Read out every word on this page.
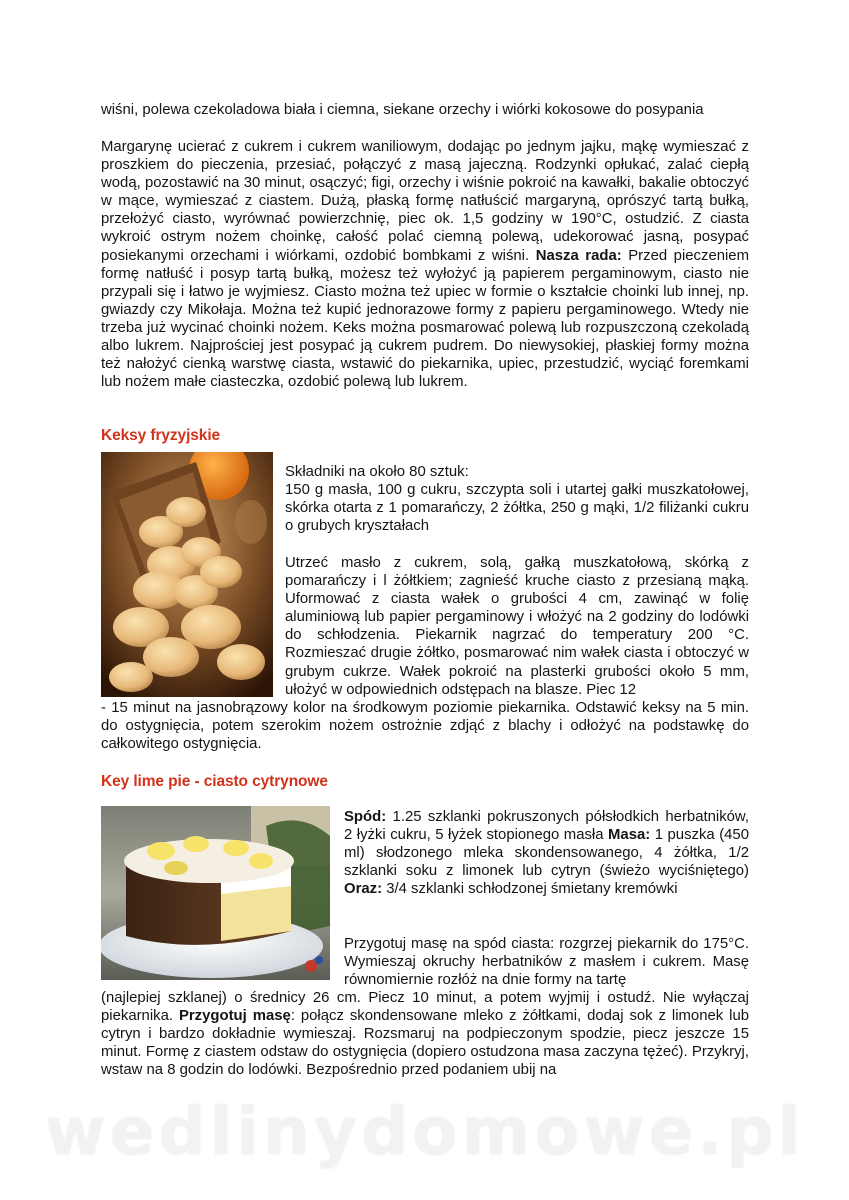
wiśni, polewa czekoladowa biała i ciemna, siekane orzechy i wiórki kokosowe do posypania

Margarynę ucierać z cukrem i cukrem waniliowym, dodając po jednym jajku, mąkę wymieszać z proszkiem do pieczenia, przesiać, połączyć z masą jajeczną. Rodzynki opłukać, zalać ciepłą wodą, pozostawić na 30 minut, osączyć; figi, orzechy i wiśnie pokroić na kawałki, bakalie obtoczyć w mące, wymieszać z ciastem. Dużą, płaską formę natłuścić margaryną, oprószyć tartą bułką, przełożyć ciasto, wyrównać powierzchnię, piec ok. 1,5 godziny w 190°C, ostudzić. Z ciasta wykroić ostrym nożem choinkę, całość polać ciemną polewą, udekorować jasną, posypać posiekanymi orzechami i wiórkami, ozdobić bombkami z wiśni. Nasza rada: Przed pieczeniem formę natłuść i posyp tartą bułką, możesz też wyłożyć ją papierem pergaminowym, ciasto nie przypali się i łatwo je wyjmiesz. Ciasto można też upiec w formie o kształcie choinki lub innej, np. gwiazdy czy Mikołaja. Można też kupić jednorazowe formy z papieru pergaminowego. Wtedy nie trzeba już wycinać choinki nożem. Keks można posmarować polewą lub rozpuszczoną czekoladą albo lukrem. Najprościej jest posypać ją cukrem pudrem. Do niewysokiej, płaskiej formy można też nałożyć cienką warstwę ciasta, wstawić do piekarnika, upiec, przestudzić, wyciąć foremkami lub nożem małe ciasteczka, ozdobić polewą lub lukrem.

Keksy fryzyjskie

Składniki na około 80 sztuk:

150 g masła, 100 g cukru, szczypta soli i utartej gałki muszkatołowej, skórka otarta z 1 pomarańczy, 2 żółtka, 250 g mąki, 1/2 filiżanki cukru o grubych kryształach

Utrzeć masło z cukrem, solą, gałką muszkatołową, skórką z pomarańczy i l żółtkiem; zagnieść kruche ciasto z przesianą mąką. Uformować z ciasta wałek o grubości 4 cm, zawinąć w folię aluminiową lub papier pergaminowy i włożyć na 2 godziny do lodówki do schłodzenia. Piekarnik nagrzać do temperatury 200 °C. Rozmieszać drugie żółtko, posmarować nim wałek ciasta i obtoczyć w grubym cukrze. Wałek pokroić na plasterki grubości około 5 mm, ułożyć w odpowiednich odstępach na blasze. Piec 12

- 15 minut na jasnobrązowy kolor na środkowym poziomie piekarnika. Odstawić keksy na 5 min. do ostygnięcia, potem szerokim nożem ostrożnie zdjąć z blachy i odłożyć na podstawkę do całkowitego ostygnięcia.

Key lime pie - ciasto cytrynowe

Spód: 1.25 szklanki pokruszonych półsłodkich herbatników, 2 łyżki cukru, 5 łyżek stopionego masła Masa: 1 puszka (450 ml) słodzonego mleka skondensowanego, 4 żółtka, 1/2 szklanki soku z limonek lub cytryn (świeżo wyciśniętego) Oraz: 3/4 szklanki schłodzonej śmietany kremówki

Przygotuj masę na spód ciasta: rozgrzej piekarnik do 175°C. Wymieszaj okruchy herbatników z masłem i cukrem. Masę równomiernie rozłóż na dnie formy na tartę

(najlepiej szklanej) o średnicy 26 cm. Piecz 10 minut, a potem wyjmij i ostudź. Nie wyłączaj piekarnika. Przygotuj masę: połącz skondensowane mleko z żółtkami, dodaj sok z limonek lub cytryn i bardzo dokładnie wymieszaj. Rozsmaruj na podpieczonym spodzie, piecz jeszcze 15 minut. Formę z ciastem odstaw do ostygnięcia (dopiero ostudzona masa zaczyna tężeć). Przykryj, wstaw na 8 godzin do lodówki. Bezpośrednio przed podaniem ubij na

wedlinydomowe.pl
